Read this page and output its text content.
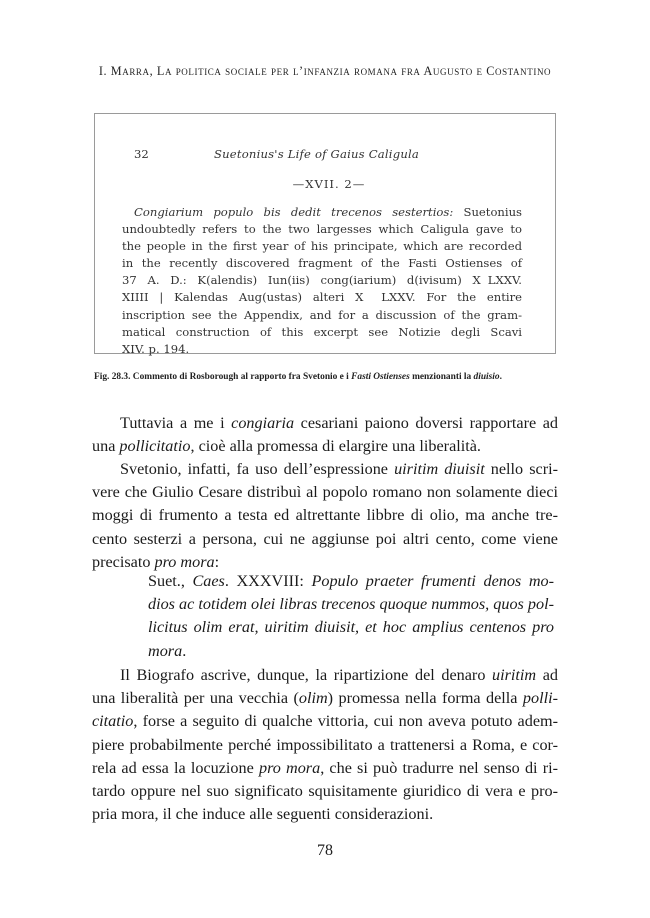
I. Marra, La politica sociale per l’infanzia romana fra Augusto e Costantino
32	Suetonius's Life of Gaius Caligula
—XVII. 2—
Congiarium populo bis dedit trecenos sestertios: Suetonius
undoubtedly refers to the two largesses which Caligula gave to
the people in the first year of his principate, which are recorded
in the recently discovered fragment of the Fasti Ostienses of
37 A. D.: K(alendis) Iun(iis) cong(iarium) d(ivisum) ⅩLXXV.
XIIII | Kalendas Aug(ustas) alteri Ⅹ LXXV. For the entire
inscription see the Appendix, and for a discussion of the gram-
matical construction of this excerpt see Notizie degli Scavi
XIV. p. 194.
Fig. 28.3. Commento di Rosborough al rapporto fra Svetonio e i Fasti Ostienses menzionanti la diuisio.
Tuttavia a me i congiaria cesariani paiono doversi rapportare ad
una pollicitatio, cioè alla promessa di elargire una liberalità.
Svetonio, infatti, fa uso dell’espressione uiritim diuisit nello scri-
vere che Giulio Cesare distribuì al popolo romano non solamente dieci
moggi di frumento a testa ed altrettante libbre di olio, ma anche tre-
cento sesterzi a persona, cui ne aggiunse poi altri cento, come viene
precisato pro mora:
Suet., Caes. XXXVIII: Populo praeter frumenti denos mo-
dios ac totidem olei libras trecenos quoque nummos, quos pol-
licitus olim erat, uiritim diuisit, et hoc amplius centenos pro
mora.
Il Biografo ascrive, dunque, la ripartizione del denaro uiritim ad
una liberalità per una vecchia (olim) promessa nella forma della polli-
citatio, forse a seguito di qualche vittoria, cui non aveva potuto adem-
piere probabilmente perché impossibilitato a trattenersi a Roma, e cor-
rela ad essa la locuzione pro mora, che si può tradurre nel senso di ri-
tardo oppure nel suo significato squisitamente giuridico di vera e pro-
pria mora, il che induce alle seguenti considerazioni.
78
